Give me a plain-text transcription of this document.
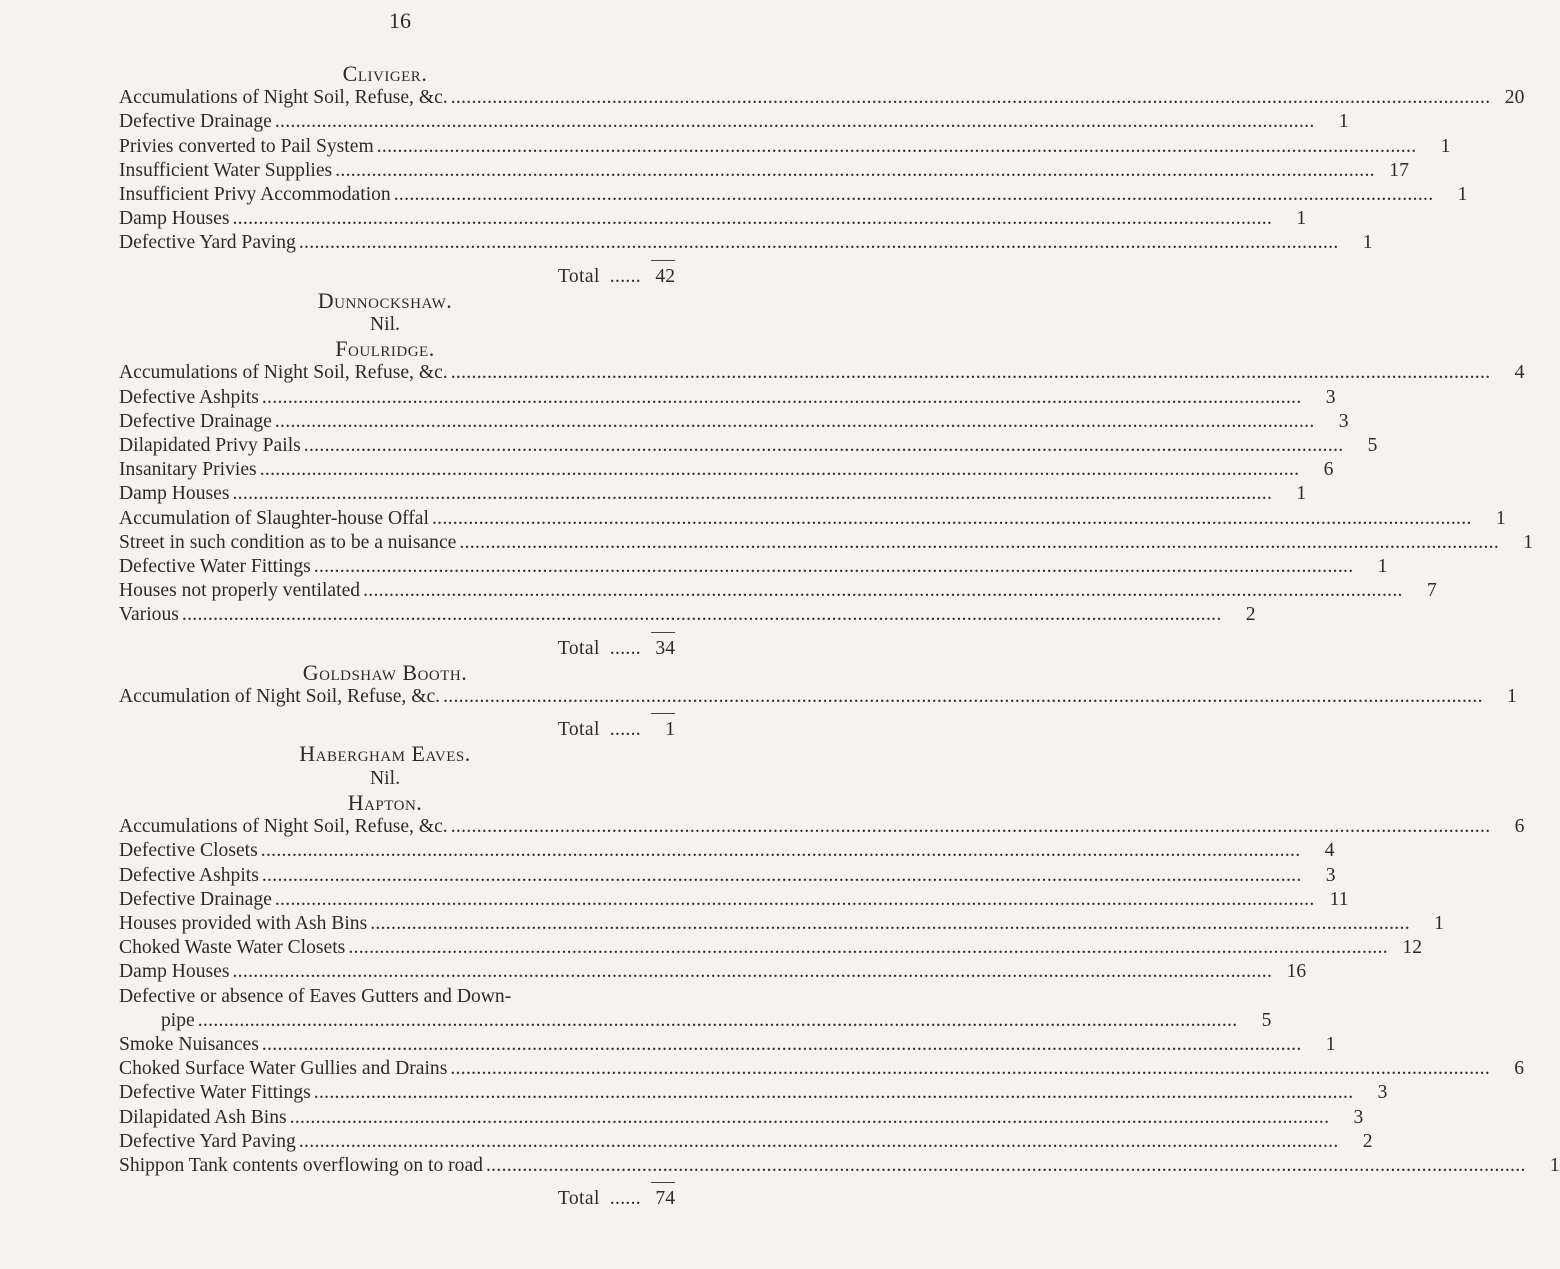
16
Cliviger.
Accumulations of Night Soil, Refuse, &c. ........................................................................................................................................................................................................ 20
Defective Drainage ........................................................................................................................................................................................................	1
Privies converted to Pail System ........................................................................................................................................................................................................	1
Insufficient Water Supplies ........................................................................................................................................................................................................ 17
Insufficient Privy Accommodation ........................................................................................................................................................................................................	1
Damp Houses ........................................................................................................................................................................................................	1
Defective Yard Paving ........................................................................................................................................................................................................	1
Total ...... 42
Dunnockshaw.
Nil.
Foulridge.
Accumulations of Night Soil, Refuse, &c. ........................................................................................................................................................................................................	4
Defective Ashpits ........................................................................................................................................................................................................	3
Defective Drainage ........................................................................................................................................................................................................	3
Dilapidated Privy Pails ........................................................................................................................................................................................................	5
Insanitary Privies ........................................................................................................................................................................................................	6
Damp Houses ........................................................................................................................................................................................................	1
Accumulation of Slaughter-house Offal ........................................................................................................................................................................................................	1
Street in such condition as to be a nuisance ........................................................................................................................................................................................................	1
Defective Water Fittings ........................................................................................................................................................................................................	1
Houses not properly ventilated ........................................................................................................................................................................................................	7
Various ........................................................................................................................................................................................................	2
Total ...... 34
Goldshaw Booth.
Accumulation of Night Soil, Refuse, &c. ........................................................................................................................................................................................................	1
Total ......	1
Habergham Eaves.
Nil.
Hapton.
Accumulations of Night Soil, Refuse, &c. ........................................................................................................................................................................................................	6
Defective Closets ........................................................................................................................................................................................................	4
Defective Ashpits ........................................................................................................................................................................................................	3
Defective Drainage ........................................................................................................................................................................................................ 11
Houses provided with Ash Bins ........................................................................................................................................................................................................	1
Choked Waste Water Closets ........................................................................................................................................................................................................ 12
Damp Houses ........................................................................................................................................................................................................ 16
Defective or absence of Eaves Gutters and Down-
pipe ........................................................................................................................................................................................................	5
Smoke Nuisances ........................................................................................................................................................................................................	1
Choked Surface Water Gullies and Drains ........................................................................................................................................................................................................	6
Defective Water Fittings ........................................................................................................................................................................................................	3
Dilapidated Ash Bins ........................................................................................................................................................................................................	3
Defective Yard Paving ........................................................................................................................................................................................................	2
Shippon Tank contents overflowing on to road ........................................................................................................................................................................................................	1
Total ...... 74
